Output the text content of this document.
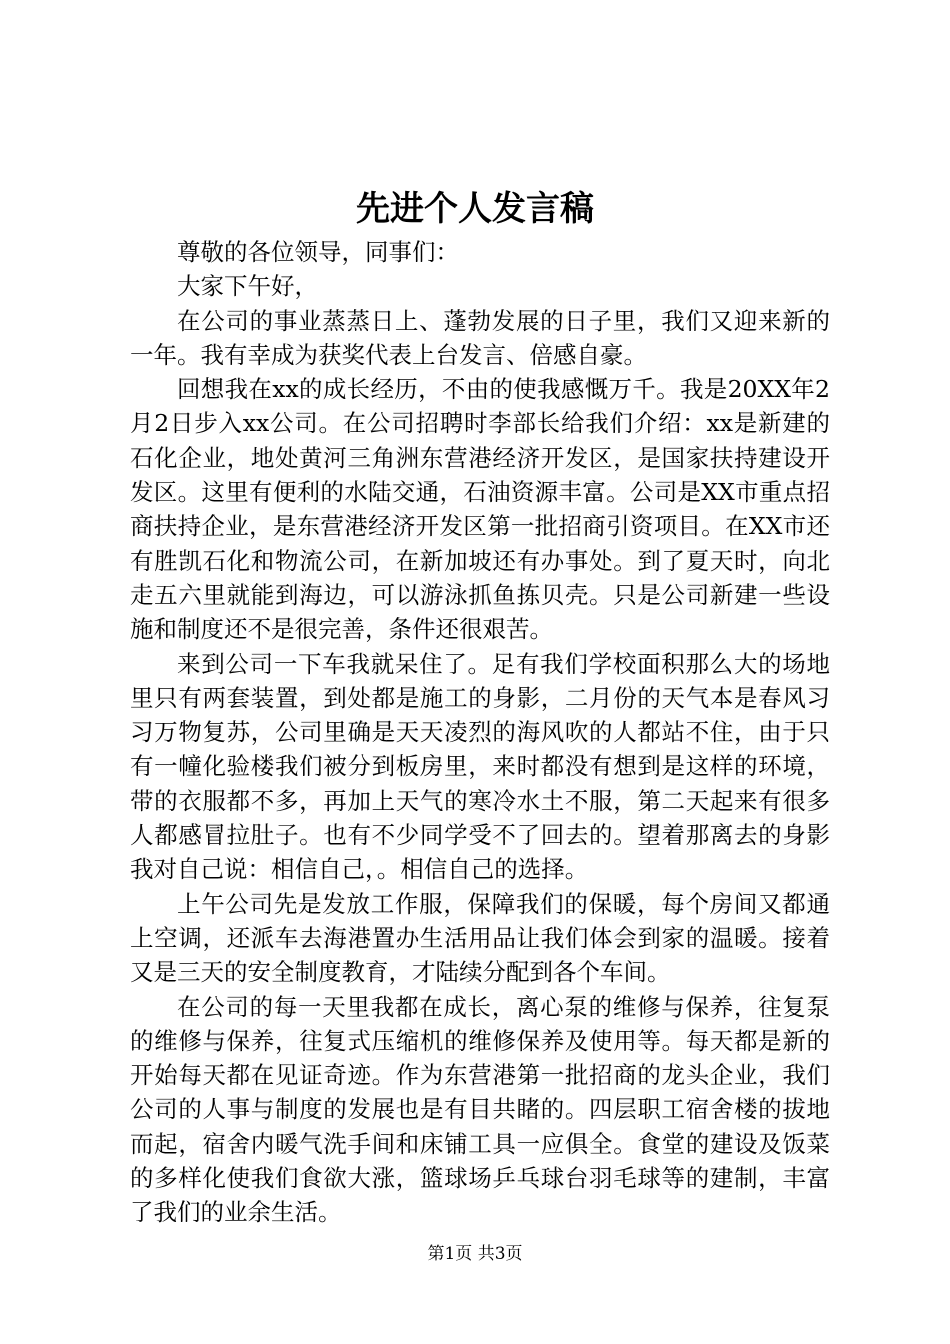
先进个人发言稿

尊敬的各位领导，同事们：

大家下午好，

在公司的事业蒸蒸日上、蓬勃发展的日子里，我们又迎来新的一年。我有幸成为获奖代表上台发言、倍感自豪。

回想我在xx的成长经历，不由的使我感慨万千。我是20XX年2月2日步入xx公司。在公司招聘时李部长给我们介绍：xx是新建的石化企业，地处黄河三角洲东营港经济开发区，是国家扶持建设开发区。这里有便利的水陆交通，石油资源丰富。公司是XX市重点招商扶持企业，是东营港经济开发区第一批招商引资项目。在XX市还有胜凯石化和物流公司，在新加坡还有办事处。到了夏天时，向北走五六里就能到海边，可以游泳抓鱼拣贝壳。只是公司新建一些设施和制度还不是很完善，条件还很艰苦。

来到公司一下车我就呆住了。足有我们学校面积那么大的场地里只有两套装置，到处都是施工的身影，二月份的天气本是春风习习万物复苏，公司里确是天天凌烈的海风吹的人都站不住，由于只有一幢化验楼我们被分到板房里，来时都没有想到是这样的环境，带的衣服都不多，再加上天气的寒冷水土不服，第二天起来有很多人都感冒拉肚子。也有不少同学受不了回去的。望着那离去的身影我对自己说：相信自己，。相信自己的选择。

上午公司先是发放工作服，保障我们的保暖，每个房间又都通上空调，还派车去海港置办生活用品让我们体会到家的温暖。接着又是三天的安全制度教育，才陆续分配到各个车间。

在公司的每一天里我都在成长，离心泵的维修与保养，往复泵的维修与保养，往复式压缩机的维修保养及使用等。每天都是新的开始每天都在见证奇迹。作为东营港第一批招商的龙头企业，我们公司的人事与制度的发展也是有目共睹的。四层职工宿舍楼的拔地而起，宿舍内暖气洗手间和床铺工具一应俱全。食堂的建设及饭菜的多样化使我们食欲大涨，篮球场乒乓球台羽毛球等的建制，丰富了我们的业余生活。

第1页 共3页
